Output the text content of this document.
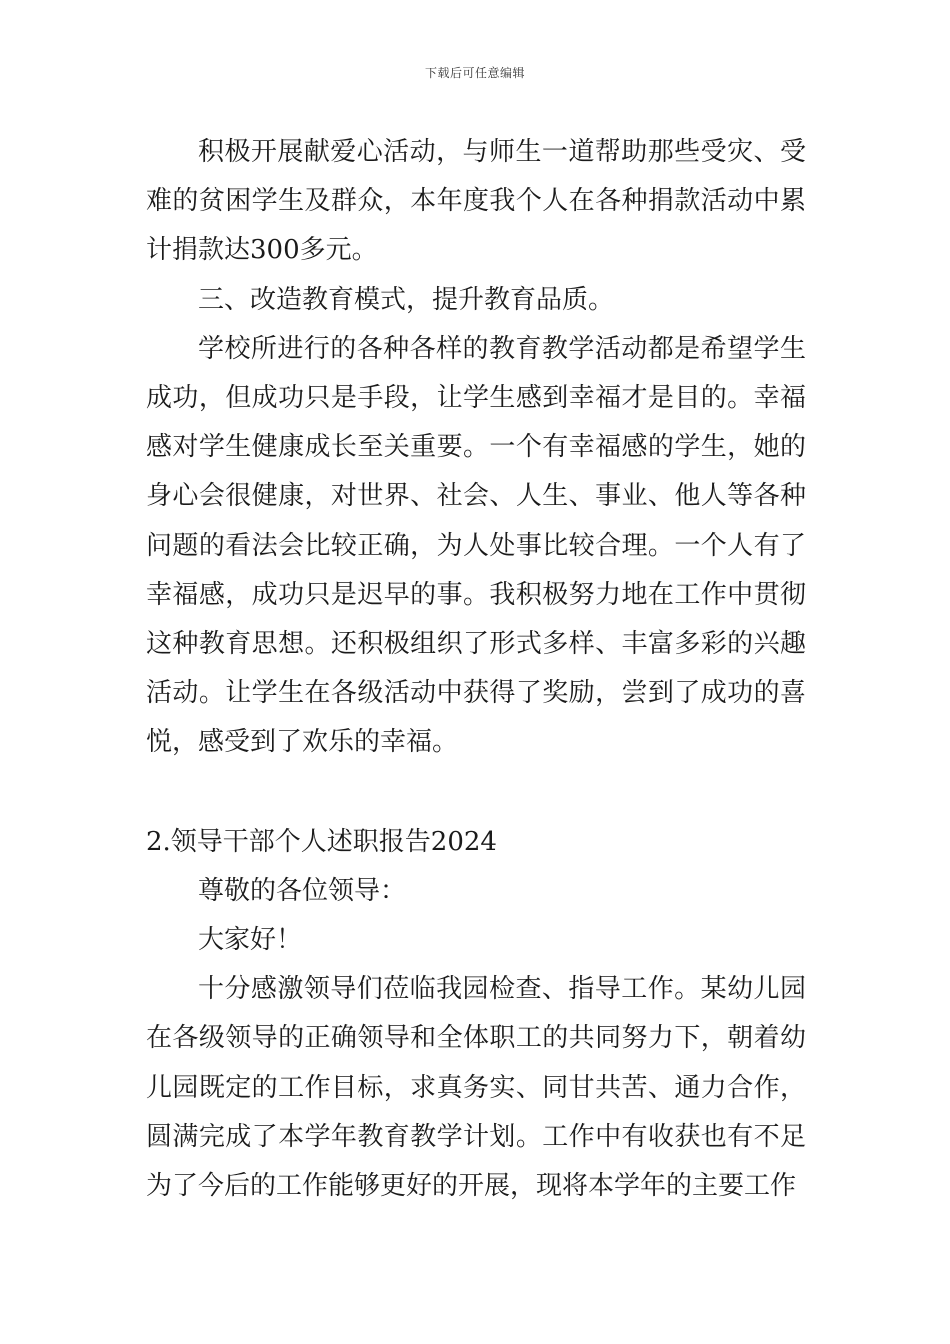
下载后可任意编辑

积极开展献爱心活动，与师生一道帮助那些受灾、受难的贫困学生及群众，本年度我个人在各种捐款活动中累计捐款达300多元。

三、改造教育模式，提升教育品质。

学校所进行的各种各样的教育教学活动都是希望学生成功，但成功只是手段，让学生感到幸福才是目的。幸福感对学生健康成长至关重要。一个有幸福感的学生，她的身心会很健康，对世界、社会、人生、事业、他人等各种问题的看法会比较正确，为人处事比较合理。一个人有了幸福感，成功只是迟早的事。我积极努力地在工作中贯彻这种教育思想。还积极组织了形式多样、丰富多彩的兴趣活动。让学生在各级活动中获得了奖励，尝到了成功的喜悦，感受到了欢乐的幸福。

2.领导干部个人述职报告2024

尊敬的各位领导：

大家好！

十分感激领导们莅临我园检查、指导工作。某幼儿园在各级领导的正确领导和全体职工的共同努力下，朝着幼儿园既定的工作目标，求真务实、同甘共苦、通力合作，圆满完成了本学年教育教学计划。工作中有收获也有不足为了今后的工作能够更好的开展，现将本学年的主要工作
